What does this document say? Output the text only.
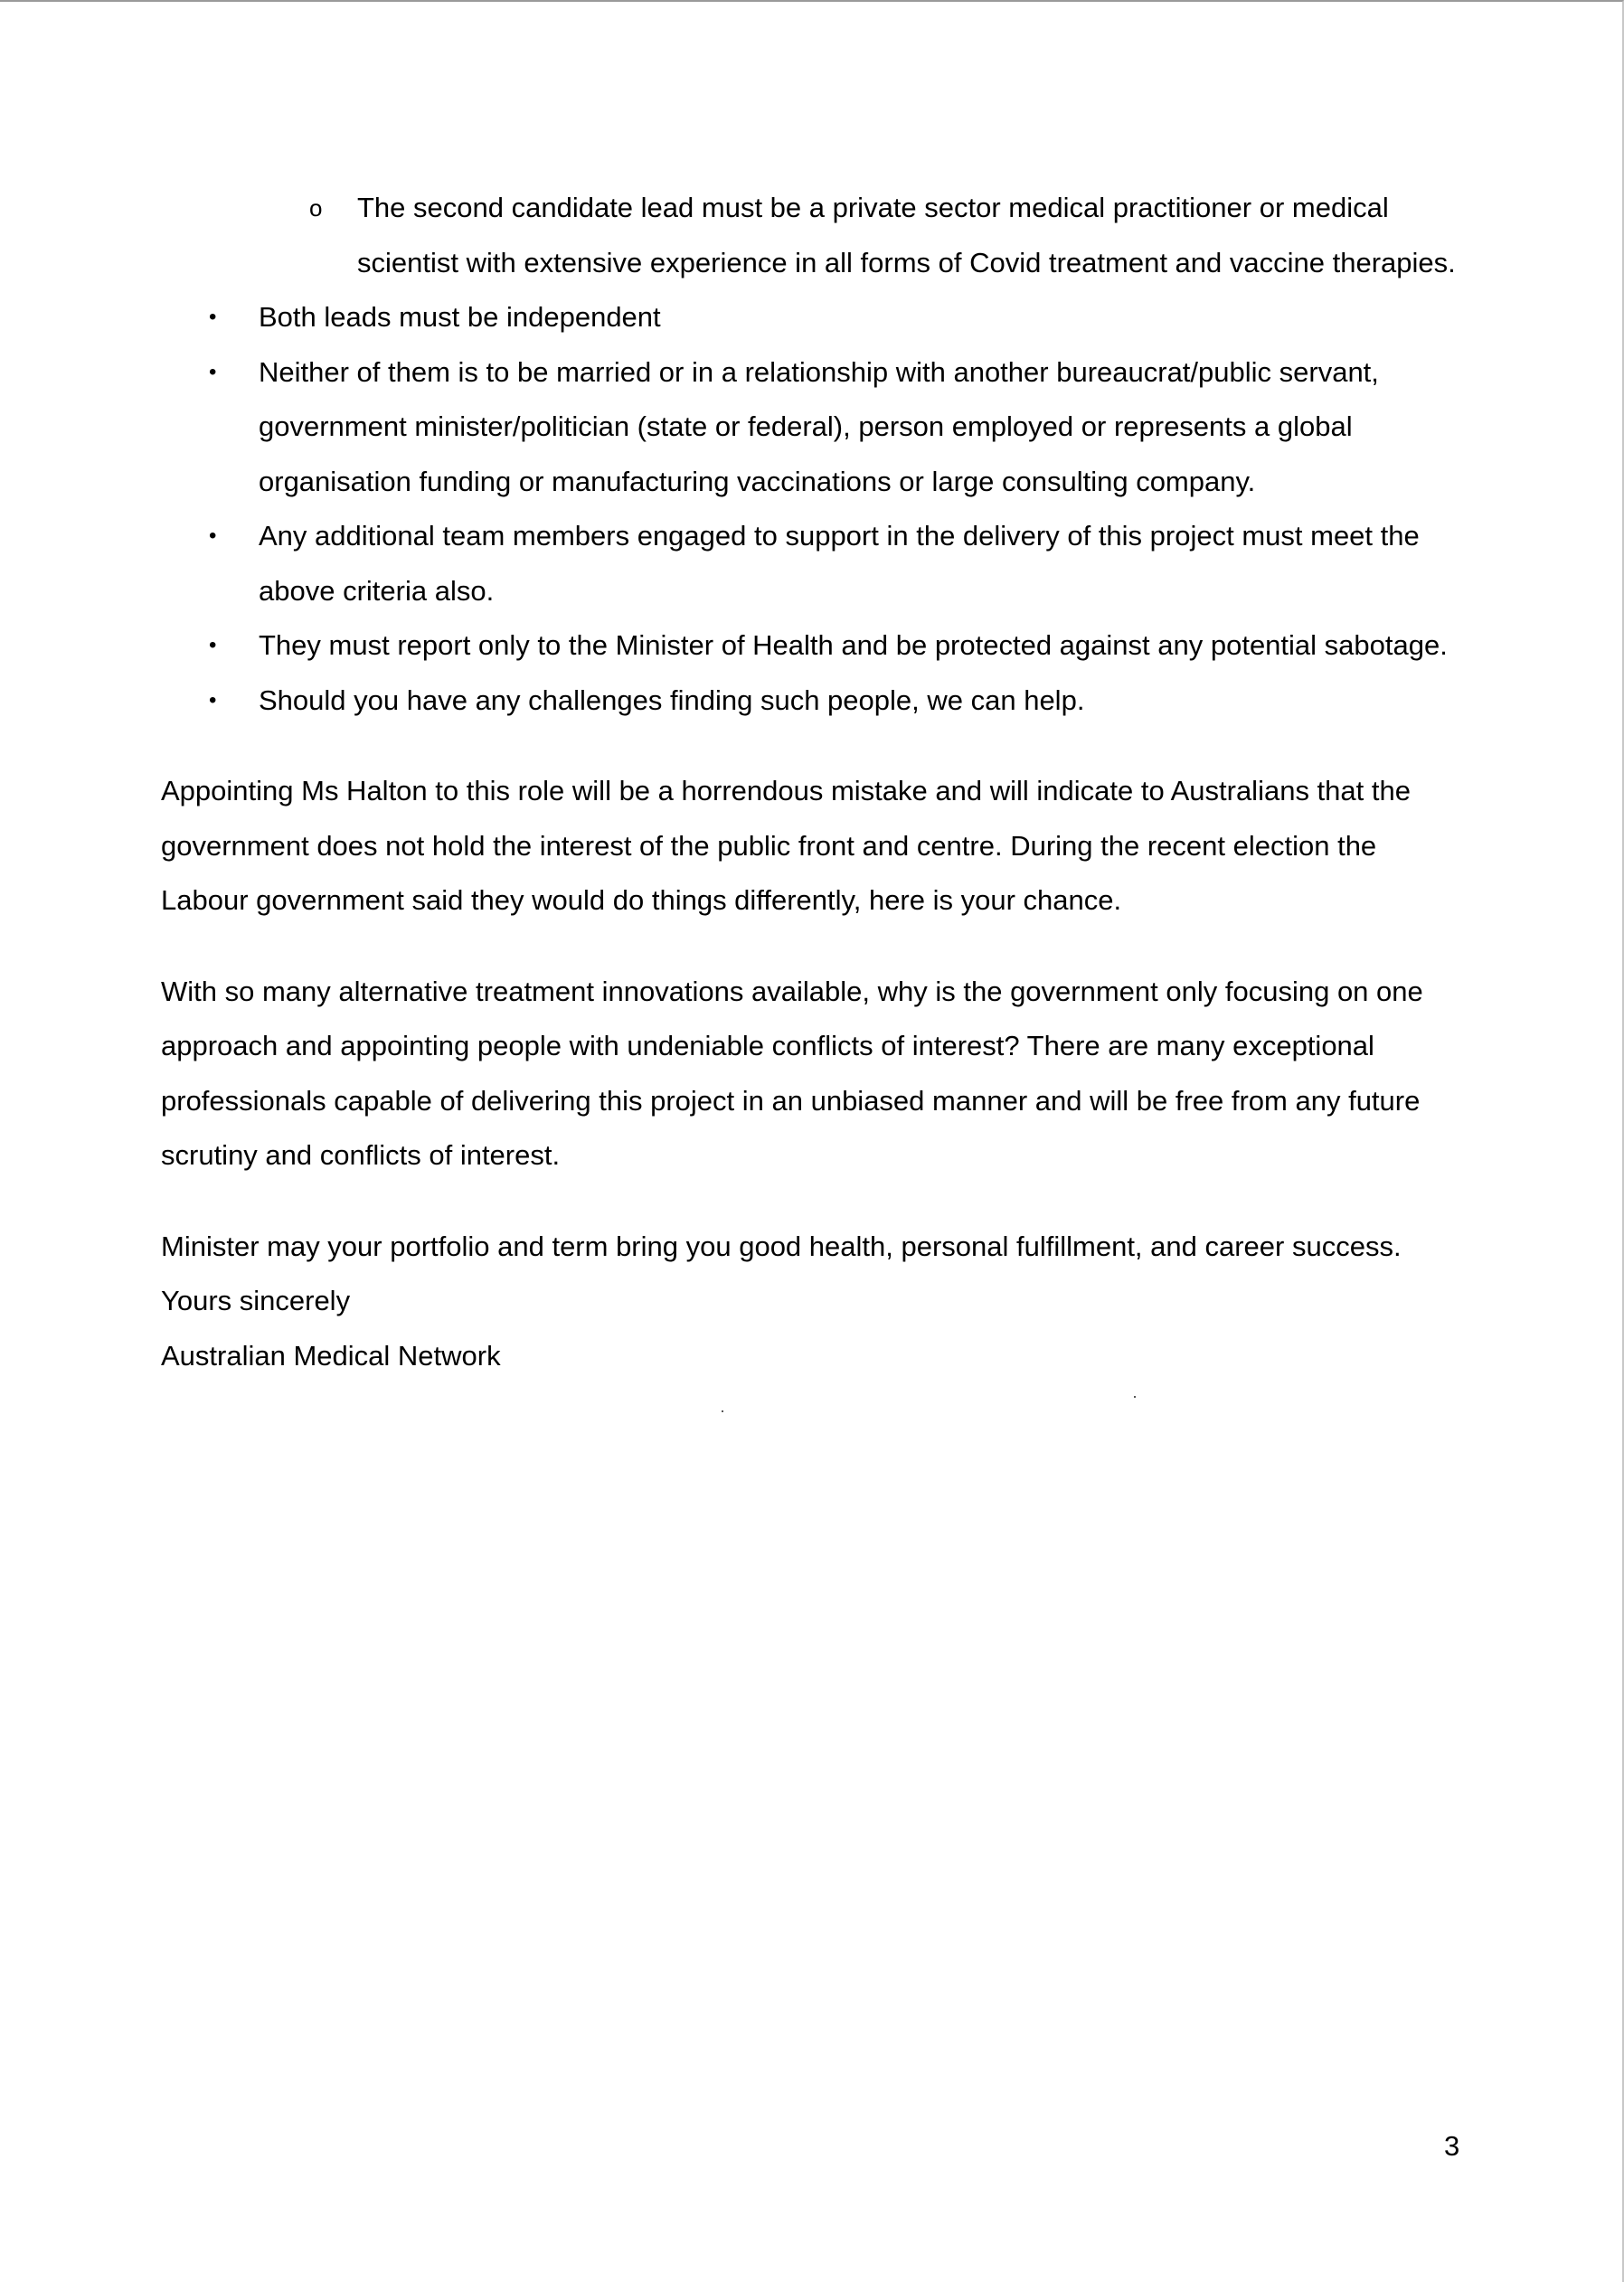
o The second candidate lead must be a private sector medical practitioner or medical scientist with extensive experience in all forms of Covid treatment and vaccine therapies.
• Both leads must be independent
• Neither of them is to be married or in a relationship with another bureaucrat/public servant, government minister/politician (state or federal), person employed or represents a global organisation funding or manufacturing vaccinations or large consulting company.
• Any additional team members engaged to support in the delivery of this project must meet the above criteria also.
• They must report only to the Minister of Health and be protected against any potential sabotage.
• Should you have any challenges finding such people, we can help.

Appointing Ms Halton to this role will be a horrendous mistake and will indicate to Australians that the government does not hold the interest of the public front and centre. During the recent election the Labour government said they would do things differently, here is your chance.

With so many alternative treatment innovations available, why is the government only focusing on one approach and appointing people with undeniable conflicts of interest? There are many exceptional professionals capable of delivering this project in an unbiased manner and will be free from any future scrutiny and conflicts of interest.

Minister may your portfolio and term bring you good health, personal fulfillment, and career success.

Yours sincerely

Australian Medical Network

3
